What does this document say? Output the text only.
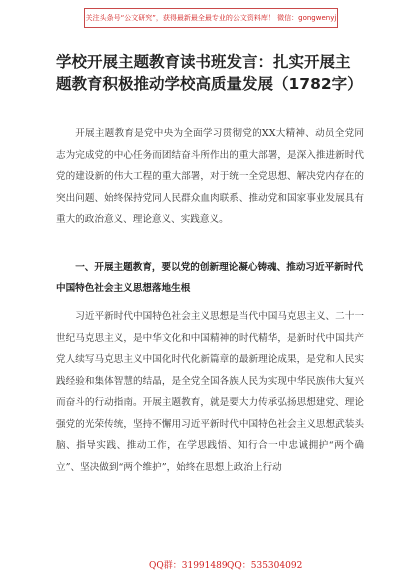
关注头条号“公文研究”，获得最新最全最专业的公文资料库！ 微信：gongwenyj
学校开展主题教育读书班发言：扎实开展主题教育积极推动学校高质量发展（1782字）
开展主题教育是党中央为全面学习贯彻党的XX大精神、动员全党同志为完成党的中心任务而团结奋斗所作出的重大部署，是深入推进新时代党的建设新的伟大工程的重大部署，对于统一全党思想、解决党内存在的突出问题、始终保持党同人民群众血肉联系、推动党和国家事业发展具有重大的政治意义、理论意义、实践意义。
一、开展主题教育，要以党的创新理论凝心铸魂、推动习近平新时代中国特色社会主义思想落地生根
习近平新时代中国特色社会主义思想是当代中国马克思主义、二十一世纪马克思主义，是中华文化和中国精神的时代精华，是新时代中国共产党人续写马克思主义中国化时代化新篇章的最新理论成果，是党和人民实践经验和集体智慧的结晶，是全党全国各族人民为实现中华民族伟大复兴而奋斗的行动指南。开展主题教育，就是要大力传承弘扬思想建党、理论强党的光荣传统，坚持不懈用习近平新时代中国特色社会主义思想武装头脑、指导实践、推动工作，在学思践悟、知行合一中忠诚拥护“两个确立”、坚决做到“两个维护”，始终在思想上政治上行动
QQ群：31991489 QQ：535304092
